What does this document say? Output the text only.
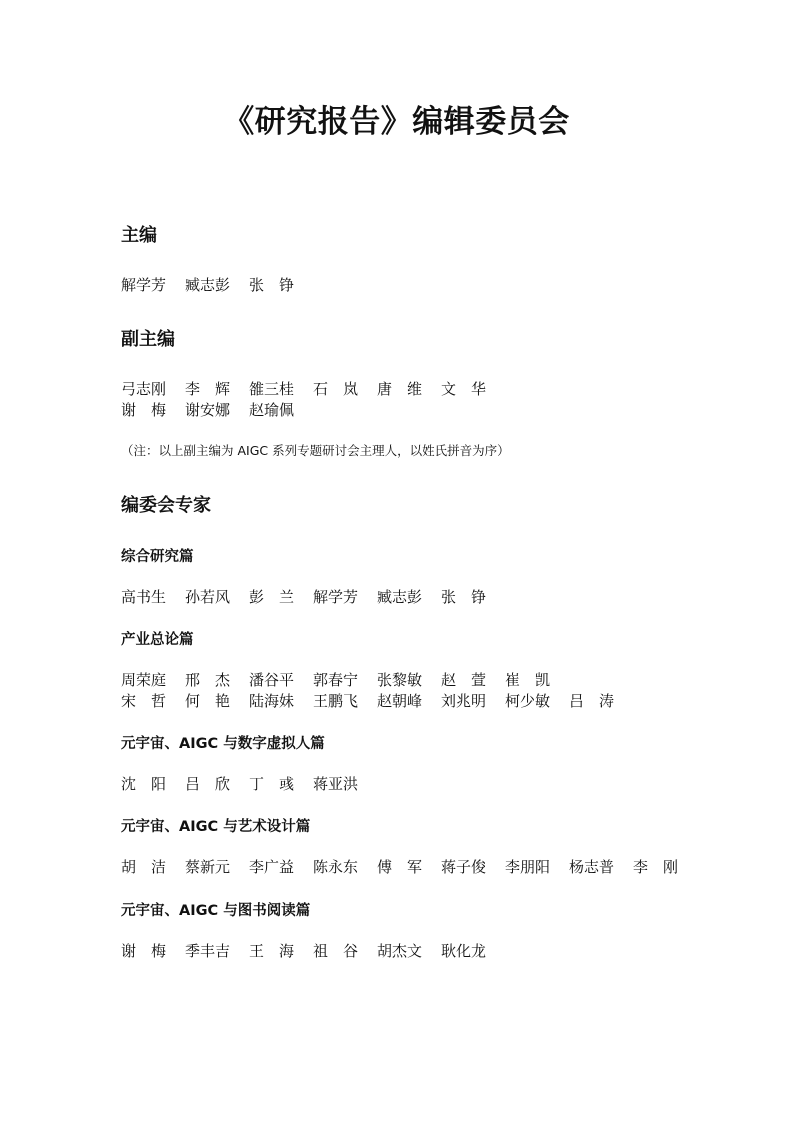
《研究报告》编辑委员会
主编
解学芳 臧志彭 张　铮
副主编
弓志刚 李　辉 雒三桂 石　岚 唐　维 文　华
谢　梅 谢安娜 赵瑜佩
（注：以上副主编为 AIGC 系列专题研讨会主理人，以姓氏拼音为序）
编委会专家
综合研究篇
高书生 孙若风 彭　兰 解学芳 臧志彭 张　铮
产业总论篇
周荣庭 邢　杰 潘谷平 郭春宁 张黎敏 赵　萱 崔　凯
宋　哲 何　艳 陆海妹 王鹏飞 赵朝峰 刘兆明 柯少敏 吕　涛
元宇宙、AIGC 与数字虚拟人篇
沈　阳 吕　欣 丁　彧 蒋亚洪
元宇宙、AIGC 与艺术设计篇
胡　洁 蔡新元 李广益 陈永东 傅　军 蒋子俊 李朋阳 杨志普 李　刚
元宇宙、AIGC 与图书阅读篇
谢　梅 季丰吉 王　海 祖　谷 胡杰文 耿化龙
